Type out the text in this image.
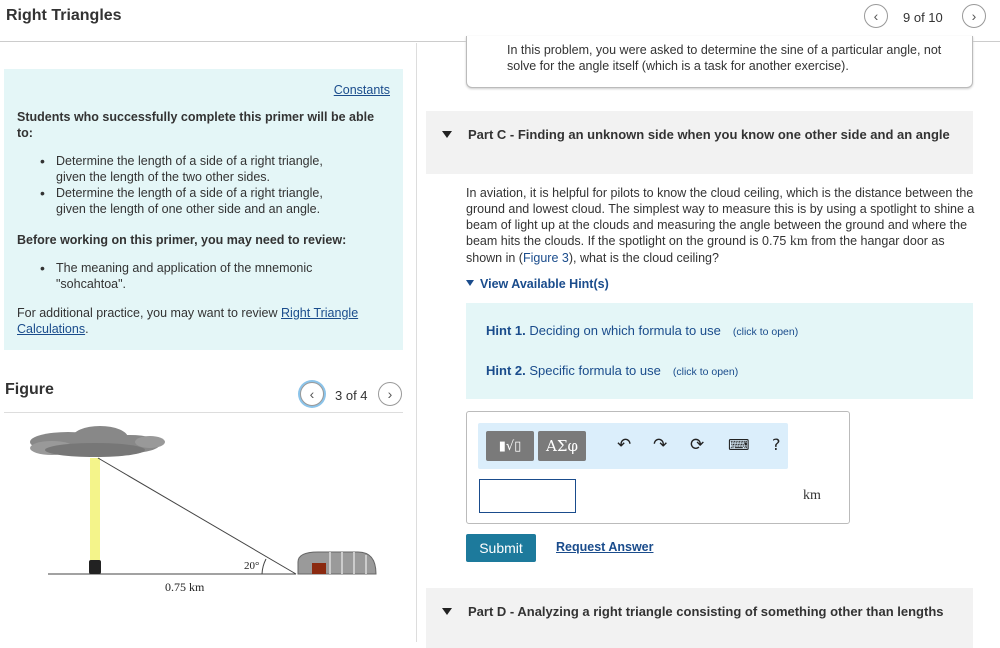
Right Triangles	‹ 9 of 10 ›
Constants
Students who successfully complete this primer will be able to:
• Determine the length of a side of a right triangle, given the length of the two other sides.
• Determine the length of a side of a right triangle, given the length of one other side and an angle.
Before working on this primer, you may need to review:
• The meaning and application of the mnemonic "sohcahtoa".
For additional practice, you may want to review Right Triangle Calculations.
Figure	‹ 3 of 4 ›
20°
0.75 km

In this problem, you were asked to determine the sine of a particular angle, not solve for the angle itself (which is a task for another exercise).

Part C - Finding an unknown side when you know one other side and an angle
In aviation, it is helpful for pilots to know the cloud ceiling, which is the distance between the ground and lowest cloud. The simplest way to measure this is by using a spotlight to shine a beam of light up at the clouds and measuring the angle between the ground and where the beam hits the clouds. If the spotlight on the ground is 0.75 km from the hangar door as shown in (Figure 3), what is the cloud ceiling?
View Available Hint(s)
Hint 1. Deciding on which formula to use (click to open)
Hint 2. Specific formula to use (click to open)
▮√▯	ΑΣφ	↶ ↷ ⟳ ⌨ ?
km
Submit	Request Answer
Part D - Analyzing a right triangle consisting of something other than lengths
